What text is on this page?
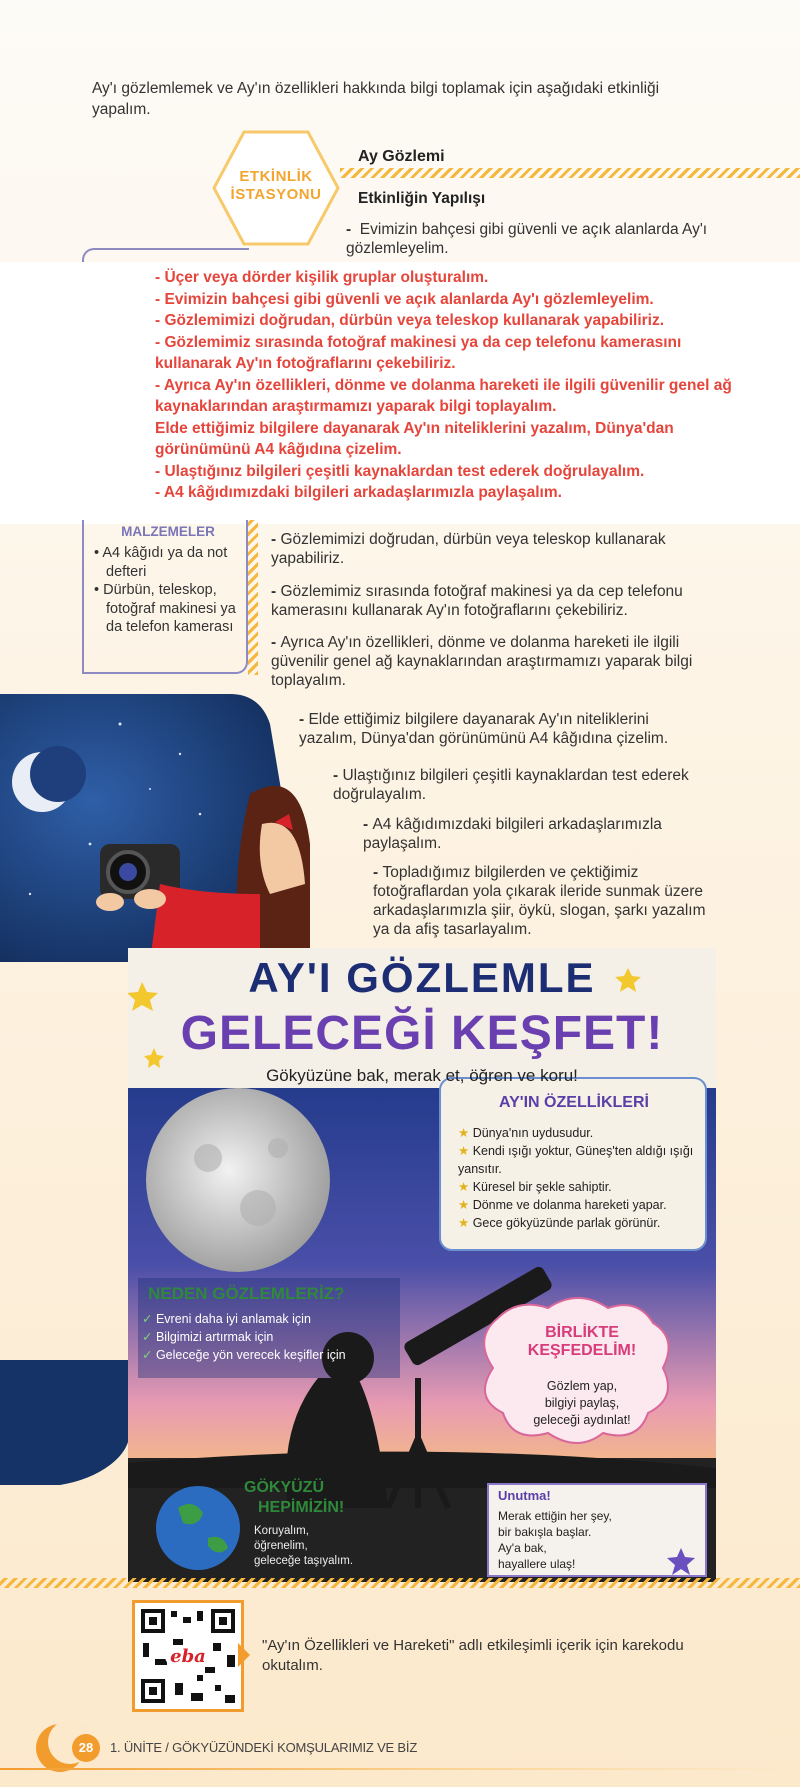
Ay'ı gözlemlemek ve Ay'ın özellikleri hakkında bilgi toplamak için aşağıdaki etkinliği yapalım.
ETKİNLİK
İSTASYONU
Ay Gözlemi
Etkinliğin Yapılışı
-  Evimizin bahçesi gibi güvenli ve açık alanlarda Ay'ı gözlemleyelim.
- Üçer veya dörder kişilik gruplar oluşturalım.
- Evimizin bahçesi gibi güvenli ve açık alanlarda Ay'ı gözlemleyelim.
- Gözlemimizi doğrudan, dürbün veya teleskop kullanarak yapabiliriz.
- Gözlemimiz sırasında fotoğraf makinesi ya da cep telefonu kamerasını kullanarak Ay'ın fotoğraflarını çekebiliriz.
- Ayrıca Ay'ın özellikleri, dönme ve dolanma hareketi ile ilgili güvenilir genel ağ kaynaklarından araştırmamızı yaparak bilgi toplayalım.
Elde ettiğimiz bilgilere dayanarak Ay'ın niteliklerini yazalım, Dünya'dan görünümünü A4 kâğıdına çizelim.
- Ulaştığınız bilgileri çeşitli kaynaklardan test ederek doğrulayalım.
- A4 kâğıdımızdaki bilgileri arkadaşlarımızla paylaşalım.
MALZEMELER
• A4 kâğıdı ya da not defteri
• Dürbün, teleskop, fotoğraf makinesi ya da telefon kamerası
- Gözlemimizi doğrudan, dürbün veya teleskop kullanarak yapabiliriz.
- Gözlemimiz sırasında fotoğraf makinesi ya da cep telefonu kamerasını kullanarak Ay'ın fotoğraflarını çekebiliriz.
- Ayrıca Ay'ın özellikleri, dönme ve dolanma hareketi ile ilgili güvenilir genel ağ kaynaklarından araştırmamızı yaparak bilgi toplayalım.
- Elde ettiğimiz bilgilere dayanarak Ay'ın niteliklerini yazalım, Dünya'dan görünümünü A4 kâğıdına çizelim.
- Ulaştığınız bilgileri çeşitli kaynaklardan test ederek doğrulayalım.
- A4 kâğıdımızdaki bilgileri arkadaşlarımızla paylaşalım.
- Topladığımız bilgilerden ve çektiğimiz fotoğraflardan yola çıkarak ileride sunmak üzere arkadaşlarımızla şiir, öykü, slogan, şarkı yazalım ya da afiş tasarlayalım.
AY'I GÖZLEMLE
GELECEĞİ KEŞFET!
Gökyüzüne bak, merak et, öğren ve koru!
AY'IN ÖZELLİKLERİ
★ Dünya'nın uydusudur.
★ Kendi ışığı yoktur, Güneş'ten aldığı ışığı yansıtır.
★ Küresel bir şekle sahiptir.
★ Dönme ve dolanma hareketi yapar.
★ Gece gökyüzünde parlak görünür.
NEDEN GÖZLEMLERİZ?
✓ Evreni daha iyi anlamak için
✓ Bilgimizi artırmak için
✓ Geleceğe yön verecek keşifler için
BİRLİKTE
KEŞFEDELİM!
Gözlem yap,
bilgiyi paylaş,
geleceği aydınlat!
GÖKYÜZÜ
HEPİMİZİN!
Koruyalım,
öğrenelim,
geleceğe taşıyalım.
Unutma!
Merak ettiğin her şey,
bir bakışla başlar.
Ay'a bak,
hayallere ulaş!
eba
"Ay'ın Özellikleri ve Hareketi" adlı etkileşimli içerik için karekodu okutalım.
28	1. ÜNİTE / GÖKYÜZÜNDEKİ KOMŞULARIMIZ VE BİZ
